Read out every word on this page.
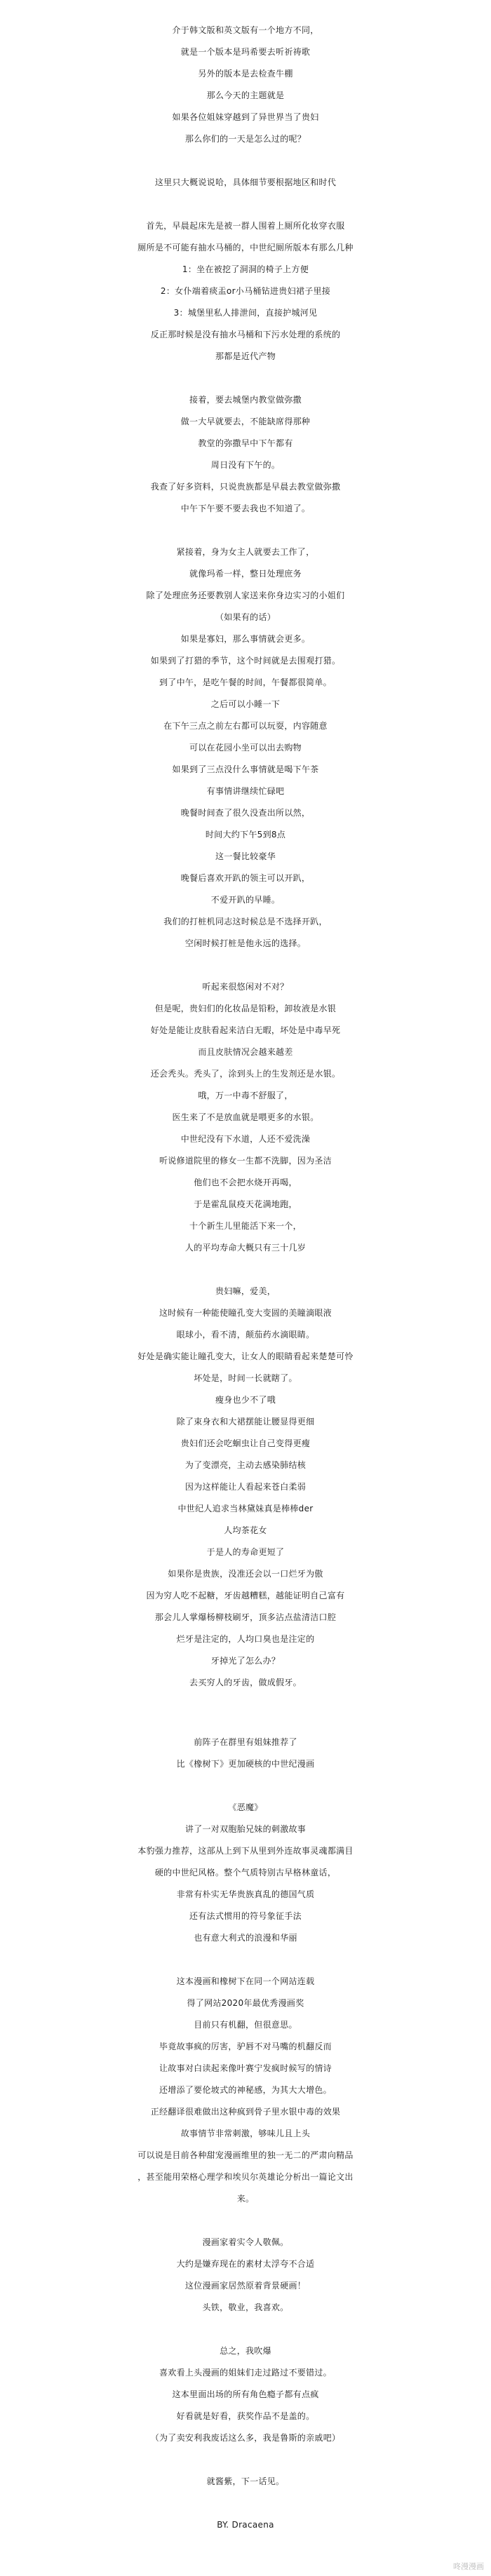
介于韩文版和英文版有一个地方不同，
就是一个版本是玛希要去听祈祷歌
另外的版本是去检查牛棚
那么今天的主题就是
如果各位姐妹穿越到了异世界当了贵妇
那么你们的一天是怎么过的呢？
这里只大概说说哈，具体细节要根据地区和时代
首先，早晨起床先是被一群人围着上厕所化妆穿衣服
厕所是不可能有抽水马桶的，中世纪厕所版本有那么几种
1：坐在被挖了洞洞的椅子上方便
2：女仆端着痰盂or小马桶钻进贵妇裙子里接
3：城堡里私人排泄间，直接护城河见
反正那时候是没有抽水马桶和下污水处理的系统的
那都是近代产物
接着，要去城堡内教堂做弥撒
做一大早就要去，不能缺席得那种
教堂的弥撒早中下午都有
周日没有下午的。
我查了好多资料，只说贵族都是早晨去教堂做弥撒
中午下午要不要去我也不知道了。
紧接着，身为女主人就要去工作了，
就像玛希一样，整日处理庶务
除了处理庶务还要教别人家送来你身边实习的小姐们
（如果有的话）
如果是寡妇，那么事情就会更多。
如果到了打猎的季节，这个时间就是去围观打猎。
到了中午，是吃午餐的时间，午餐都很简单。
之后可以小睡一下
在下午三点之前左右都可以玩耍，内容随意
可以在花园小坐可以出去购物
如果到了三点没什么事情就是喝下午茶
有事情讲继续忙碌吧
晚餐时间查了很久没查出所以然，
时间大约下午5到8点
这一餐比较豪华
晚餐后喜欢开趴的领主可以开趴，
不爱开趴的早睡。
我们的打桩机同志这时候总是不选择开趴，
空闲时候打桩是他永远的选择。
听起来很悠闲对不对？
但是呢，贵妇们的化妆品是铅粉，卸妆液是水银
好处是能让皮肤看起来洁白无暇，坏处是中毒早死
而且皮肤情况会越来越差
还会秃头。秃头了，涂到头上的生发剂还是水银。
哦，万一中毒不舒服了，
医生来了不是放血就是喂更多的水银。
中世纪没有下水道，人还不爱洗澡
听说修道院里的修女一生都不洗脚，因为圣洁
他们也不会把水烧开再喝，
于是霍乱鼠疫天花满地跑，
十个新生儿里能活下来一个，
人的平均寿命大概只有三十几岁
贵妇嘛，爱美，
这时候有一种能使瞳孔变大变圆的美瞳滴眼液
眼球小，看不清，颠茄药水滴眼睛。
好处是确实能让瞳孔变大，让女人的眼睛看起来楚楚可怜
坏处是，时间一长就瞎了。
瘦身也少不了哦
除了束身衣和大裙摆能让腰显得更细
贵妇们还会吃蛔虫让自己变得更瘦
为了变漂亮，主动去感染肺结核
因为这样能让人看起来苍白柔弱
中世纪人追求当林黛妹真是棒棒der
人均茶花女
于是人的寿命更短了
如果你是贵族，没准还会以一口烂牙为傲
因为穷人吃不起糖，牙齿越糟糕，越能证明自己富有
那会儿人掌爆杨柳枝刷牙，顶多沾点盐清洁口腔
烂牙是注定的，人均口臭也是注定的
牙掉光了怎么办？
去买穷人的牙齿，做成假牙。
前阵子在群里有姐妹推荐了
比《橡树下》更加硬核的中世纪漫画
《恶魔》
讲了一对双胞胎兄妹的刺激故事
本豹强力推荐，这部从上到下从里到外连故事灵魂都满目
硬的中世纪风格。整个气质特别古早格林童话，
非常有朴实无华贵族真乱的德国气质
还有法式惯用的符号象征手法
也有意大利式的浪漫和华丽
这本漫画和橡树下在同一个网站连载
得了网站2020年最优秀漫画奖
目前只有机翻，但很意思。
毕竟故事疯的厉害，驴唇不对马嘴的机翻反而
让故事对白读起来像叶赛宁发疯时候写的情诗
还增添了要伦坡式的神秘感，为其大大增色。
正经翻译很难做出这种疯到骨子里水银中毒的效果
故事情节非常刺激，够味儿且上头
可以说是目前各种甜宠漫画维里的独一无二的严肃向精品
，甚至能用荣格心理学和埃贝尔英雄论分析出一篇论文出
来。
漫画家着实令人敬佩。
大约是嫌弃现在的素材太浮夸不合适
这位漫画家居然原着背景硬画！
头铁，敬业，我喜欢。
总之，我吹爆
喜欢看上头漫画的姐妹们走过路过不要错过。
这本里面出场的所有角色瘾子都有点疯
好看就是好看，获奖作品不是盖的。
（为了卖安利我废话这么多，我是鲁斯的亲戚吧）
就酱紫，下一话见。
BY. Dracaena
咚漫漫画
